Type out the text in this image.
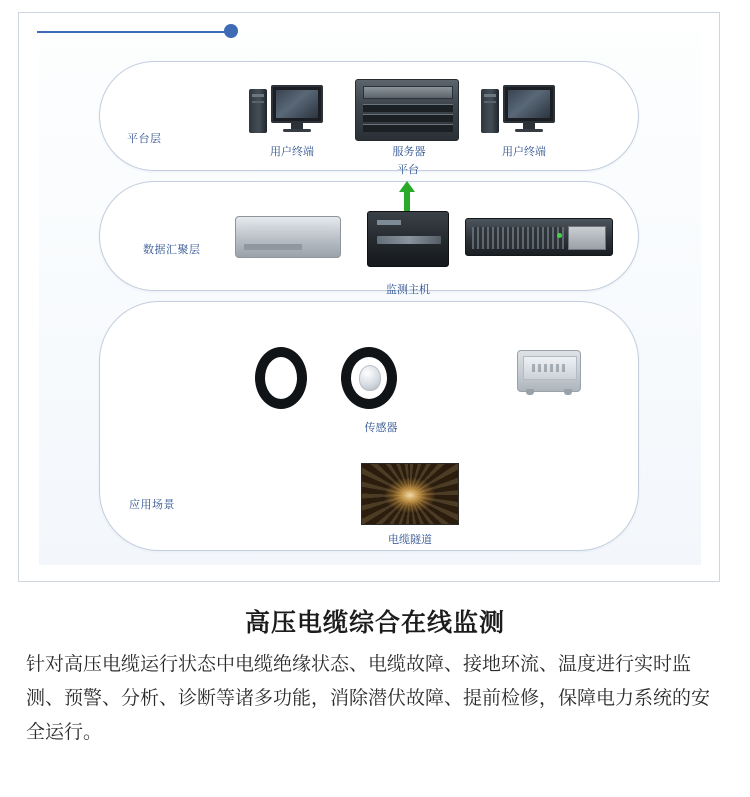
平台层
用户终端	服务器	用户终端
平台
数据汇聚层
监测主机
应用场景
传感器
电缆隧道
高压电缆综合在线监测
针对高压电缆运行状态中电缆绝缘状态、电缆故障、接地环流、温度进行实时监测、预警、分析、诊断等诸多功能，消除潜伏故障、提前检修，保障电力系统的安全运行。
